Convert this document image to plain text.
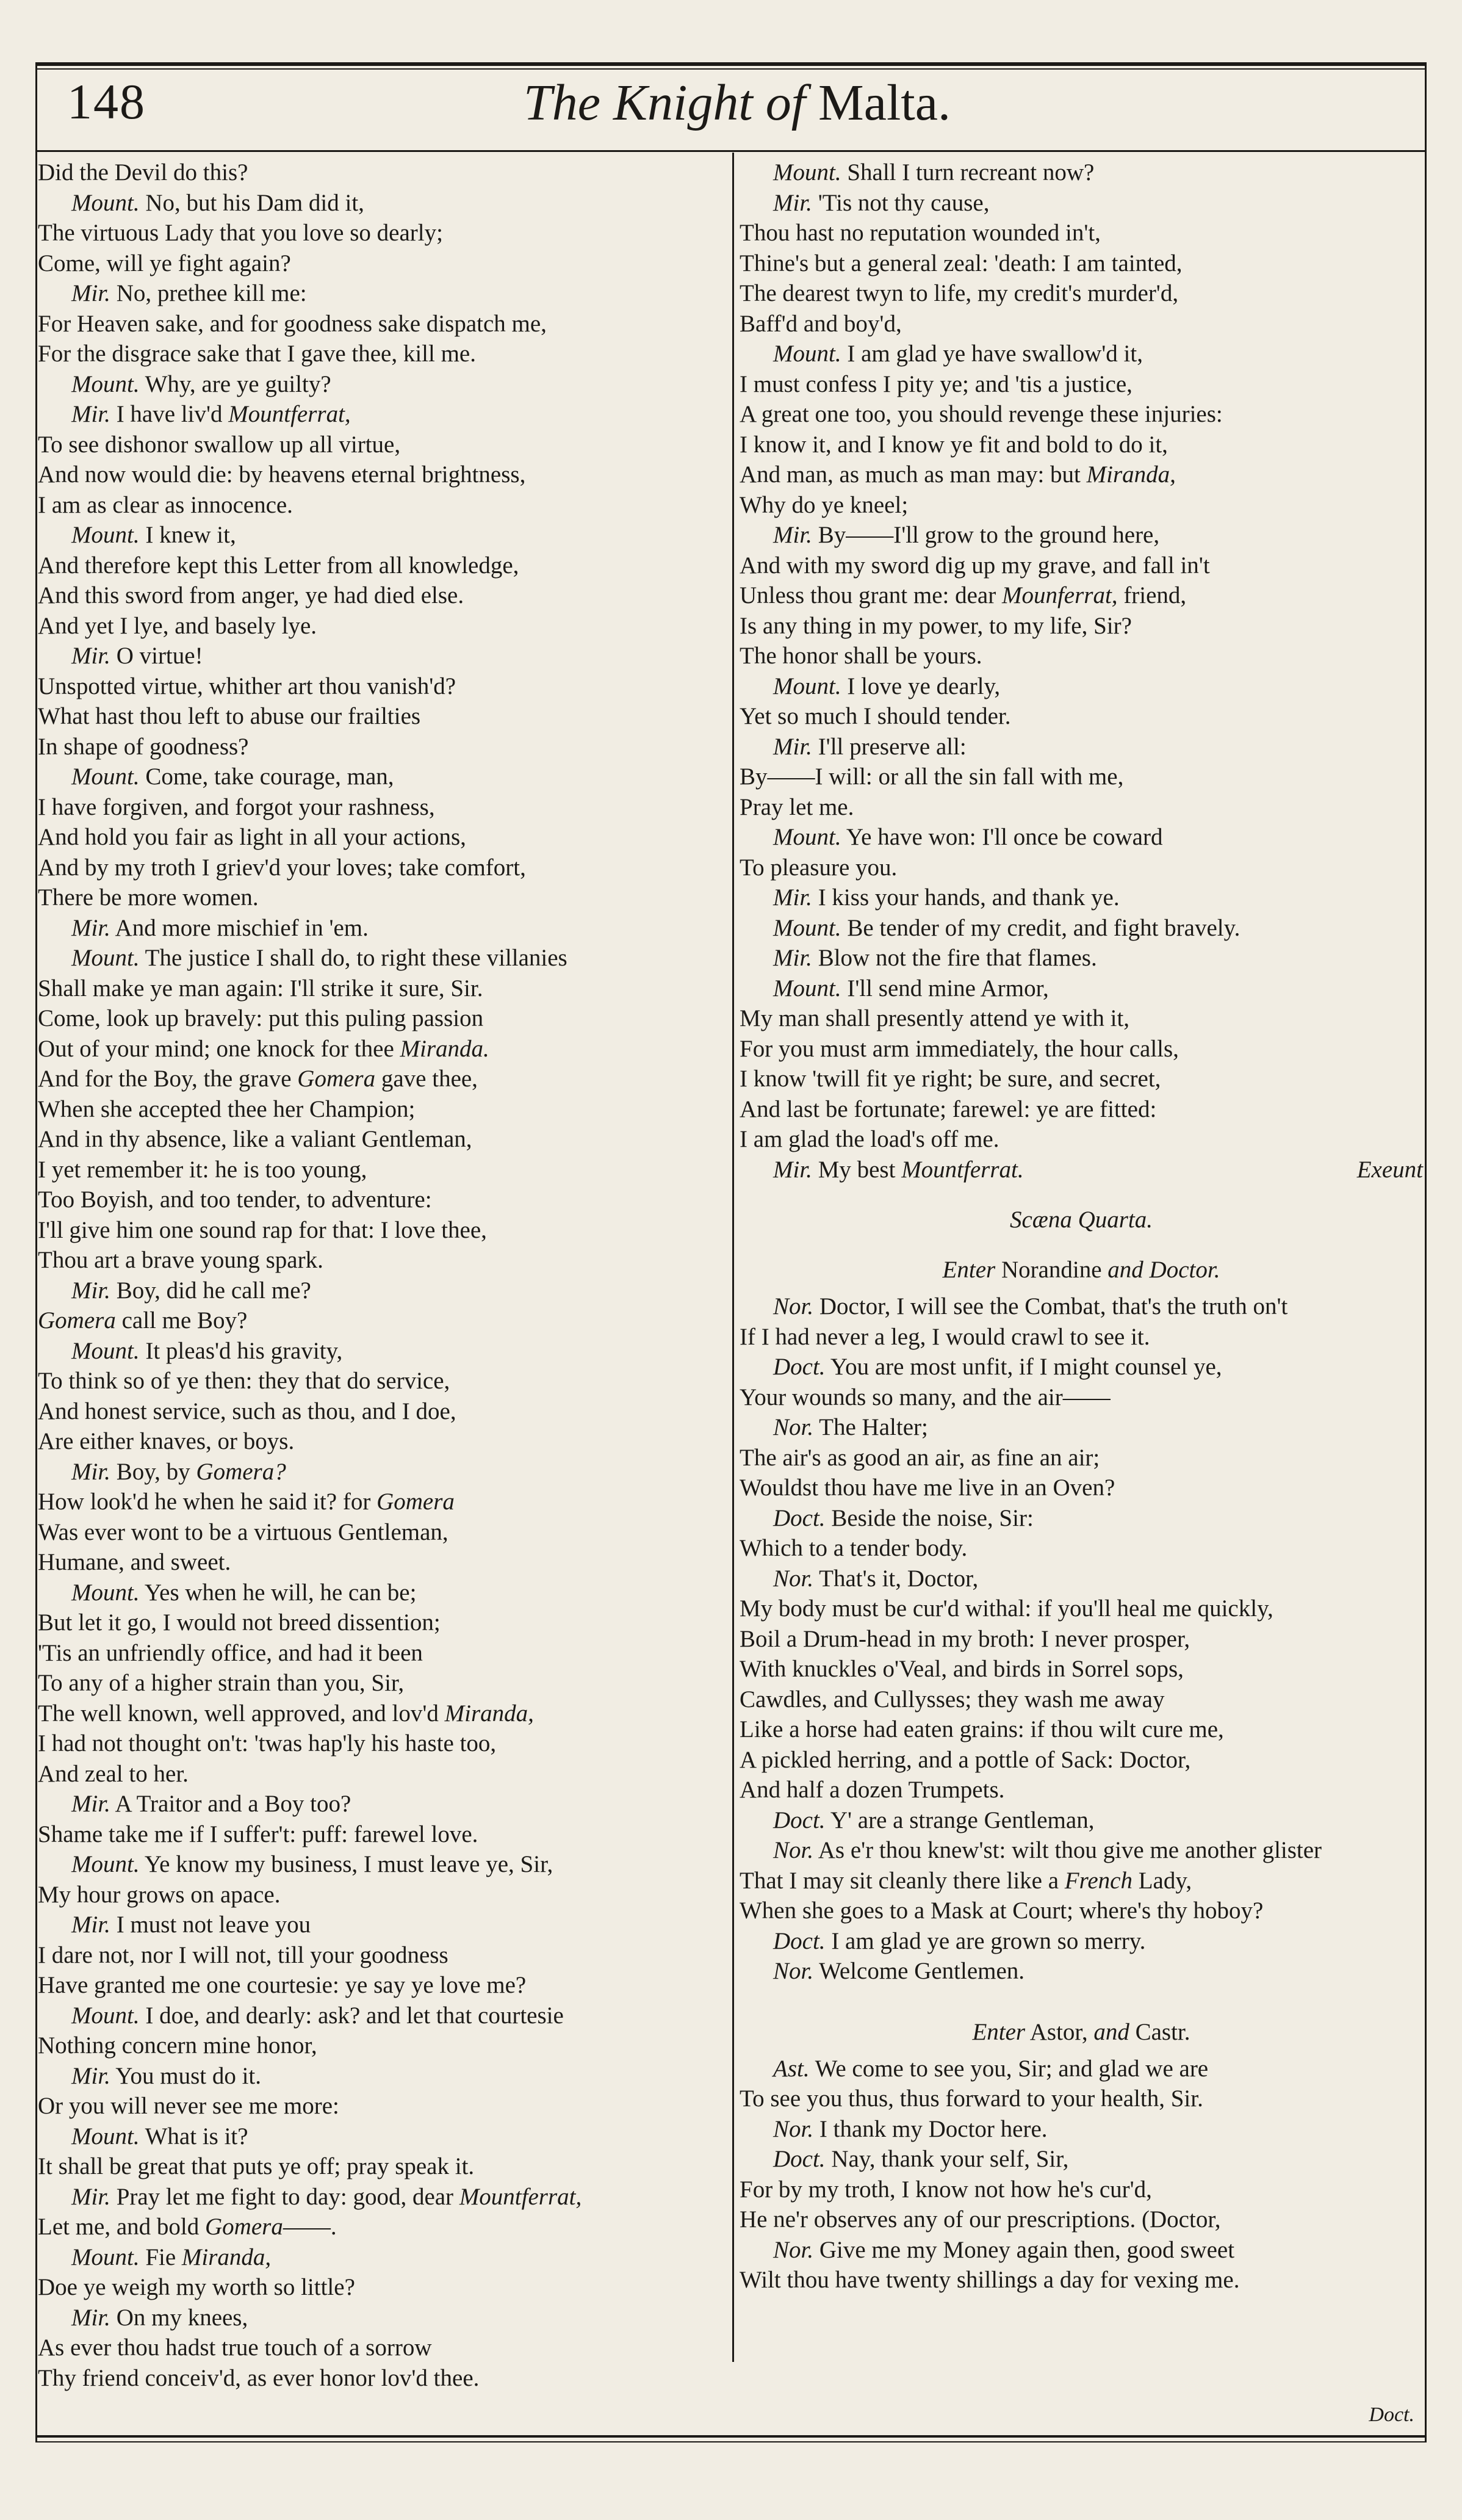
148	The Knight of Malta.
Did the Devil do this?
Mount. No, but his Dam did it,
The virtuous Lady that you love so dearly;
Come, will ye fight again?
Mir. No, prethee kill me:
For Heaven sake, and for goodness sake dispatch me,
For the disgrace sake that I gave thee, kill me.
Mount. Why, are ye guilty?
Mir. I have liv'd Mountferrat,
To see dishonor swallow up all virtue,
And now would die: by heavens eternal brightness,
I am as clear as innocence.
Mount. I knew it,
And therefore kept this Letter from all knowledge,
And this sword from anger, ye had died else.
And yet I lye, and basely lye.
Mir. O virtue!
Unspotted virtue, whither art thou vanish'd?
What hast thou left to abuse our frailties
In shape of goodness?
Mount. Come, take courage, man,
I have forgiven, and forgot your rashness,
And hold you fair as light in all your actions,
And by my troth I griev'd your loves; take comfort,
There be more women.
Mir. And more mischief in 'em.
Mount. The justice I shall do, to right these villanies
Shall make ye man again: I'll strike it sure, Sir.
Come, look up bravely: put this puling passion
Out of your mind; one knock for thee Miranda.
And for the Boy, the grave Gomera gave thee,
When she accepted thee her Champion;
And in thy absence, like a valiant Gentleman,
I yet remember it: he is too young,
Too Boyish, and too tender, to adventure:
I'll give him one sound rap for that: I love thee,
Thou art a brave young spark.
Mir. Boy, did he call me?
Gomera call me Boy?
Mount. It pleas'd his gravity,
To think so of ye then: they that do service,
And honest service, such as thou, and I doe,
Are either knaves, or boys.
Mir. Boy, by Gomera?
How look'd he when he said it? for Gomera
Was ever wont to be a virtuous Gentleman,
Humane, and sweet.
Mount. Yes when he will, he can be;
But let it go, I would not breed dissention;
'Tis an unfriendly office, and had it been
To any of a higher strain than you, Sir,
The well known, well approved, and lov'd Miranda,
I had not thought on't: 'twas hap'ly his haste too,
And zeal to her.
Mir. A Traitor and a Boy too?
Shame take me if I suffer't: puff: farewel love.
Mount. Ye know my business, I must leave ye, Sir,
My hour grows on apace.
Mir. I must not leave you
I dare not, nor I will not, till your goodness
Have granted me one courtesie: ye say ye love me?
Mount. I doe, and dearly: ask? and let that courtesie
Nothing concern mine honor,
Mir. You must do it.
Or you will never see me more:
Mount. What is it?
It shall be great that puts ye off; pray speak it.
Mir. Pray let me fight to day: good, dear Mountferrat,
Let me, and bold Gomera——.
Mount. Fie Miranda,
Doe ye weigh my worth so little?
Mir. On my knees,
As ever thou hadst true touch of a sorrow
Thy friend conceiv'd, as ever honor lov'd thee.
Mount. Shall I turn recreant now?
Mir. 'Tis not thy cause,
Thou hast no reputation wounded in't,
Thine's but a general zeal: 'death: I am tainted,
The dearest twyn to life, my credit's murder'd,
Baff'd and boy'd,
Mount. I am glad ye have swallow'd it,
I must confess I pity ye; and 'tis a justice,
A great one too, you should revenge these injuries:
I know it, and I know ye fit and bold to do it,
And man, as much as man may: but Miranda,
Why do ye kneel;
Mir. By——I'll grow to the ground here,
And with my sword dig up my grave, and fall in't
Unless thou grant me: dear Mounferrat, friend,
Is any thing in my power, to my life, Sir?
The honor shall be yours.
Mount. I love ye dearly,
Yet so much I should tender.
Mir. I'll preserve all:
By——I will: or all the sin fall with me,
Pray let me.
Mount. Ye have won: I'll once be coward
To pleasure you.
Mir. I kiss your hands, and thank ye.
Mount. Be tender of my credit, and fight bravely.
Mir. Blow not the fire that flames.
Mount. I'll send mine Armor,
My man shall presently attend ye with it,
For you must arm immediately, the hour calls,
I know 'twill fit ye right; be sure, and secret,
And last be fortunate; farewel: ye are fitted:
I am glad the load's off me.
Mir. My best Mountferrat.	Exeunt
Scæna Quarta.
Enter Norandine and Doctor.
Nor. Doctor, I will see the Combat, that's the truth on't
If I had never a leg, I would crawl to see it.
Doct. You are most unfit, if I might counsel ye,
Your wounds so many, and the air——
Nor. The Halter;
The air's as good an air, as fine an air;
Wouldst thou have me live in an Oven?
Doct. Beside the noise, Sir:
Which to a tender body.
Nor. That's it, Doctor,
My body must be cur'd withal: if you'll heal me quickly,
Boil a Drum-head in my broth: I never prosper,
With knuckles o'Veal, and birds in Sorrel sops,
Cawdles, and Cullysses; they wash me away
Like a horse had eaten grains: if thou wilt cure me,
A pickled herring, and a pottle of Sack: Doctor,
And half a dozen Trumpets.
Doct. Y' are a strange Gentleman,
Nor. As e'r thou knew'st: wilt thou give me another glister
That I may sit cleanly there like a French Lady,
When she goes to a Mask at Court; where's thy hoboy?
Doct. I am glad ye are grown so merry.
Nor. Welcome Gentlemen.
Enter Astor, and Castr.
Ast. We come to see you, Sir; and glad we are
To see you thus, thus forward to your health, Sir.
Nor. I thank my Doctor here.
Doct. Nay, thank your self, Sir,
For by my troth, I know not how he's cur'd,
He ne'r observes any of our prescriptions. (Doctor,
Nor. Give me my Money again then, good sweet
Wilt thou have twenty shillings a day for vexing me.
Doct.
